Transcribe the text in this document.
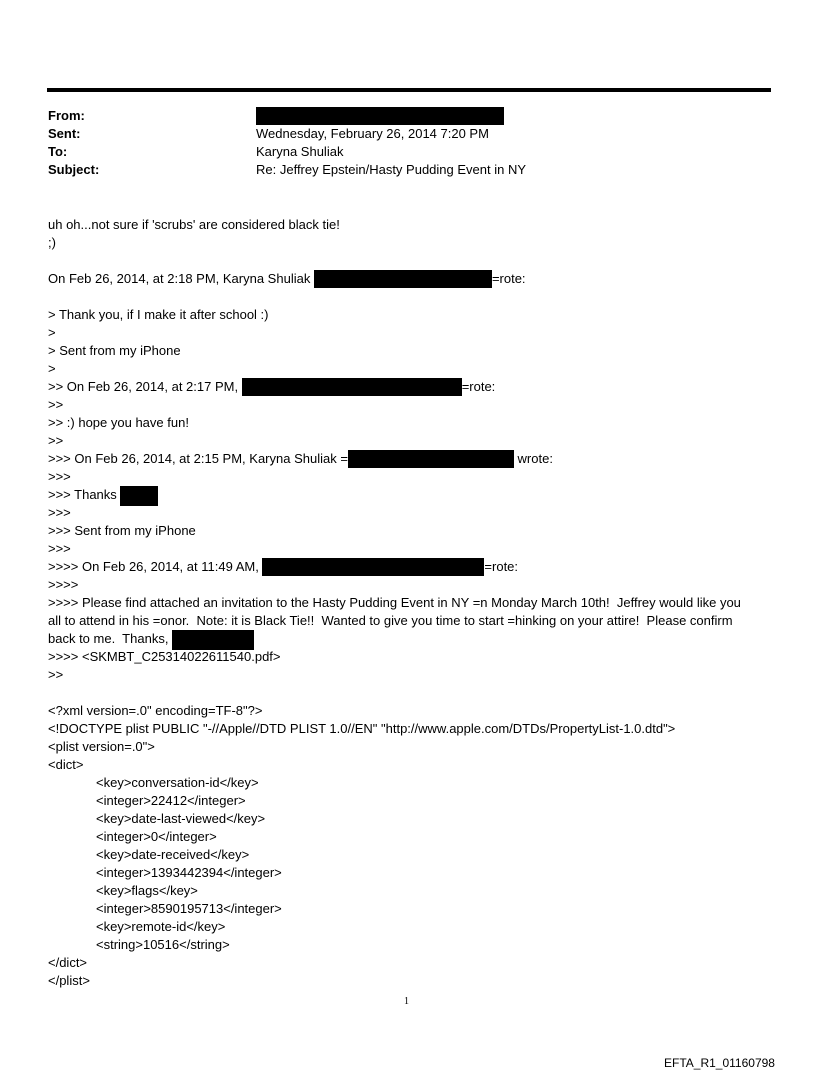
From:
Sent:	Wednesday, February 26, 2014 7:20 PM
To:	Karyna Shuliak
Subject:	Re: Jeffrey Epstein/Hasty Pudding Event in NY
uh oh...not sure if 'scrubs' are considered black tie!
;)
On Feb 26, 2014, at 2:18 PM, Karyna Shuliak	=rote:
> Thank you, if I make it after school :)
>
> Sent from my iPhone
>
>> On Feb 26, 2014, at 2:17 PM,	=rote:
>>
>> :) hope you have fun!
>>
>>> On Feb 26, 2014, at 2:15 PM, Karyna Shuliak =	wrote:
>>>
>>> Thanks
>>>
>>> Sent from my iPhone
>>>
>>>> On Feb 26, 2014, at 11:49 AM,	=rote:
>>>>
>>>> Please find attached an invitation to the Hasty Pudding Event in NY =n Monday March 10th!  Jeffrey would like you
all to attend in his =onor.  Note: it is Black Tie!!  Wanted to give you time to start =hinking on your attire!  Please confirm
back to me.  Thanks,
>>>> <SKMBT_C25314022611540.pdf>
>>
<?xml version=.0" encoding=TF-8"?>
<!DOCTYPE plist PUBLIC "-//Apple//DTD PLIST 1.0//EN" "http://www.apple.com/DTDs/PropertyList-1.0.dtd">
<plist version=.0">
<dict>
<key>conversation-id</key>
<integer>22412</integer>
<key>date-last-viewed</key>
<integer>0</integer>
<key>date-received</key>
<integer>1393442394</integer>
<key>flags</key>
<integer>8590195713</integer>
<key>remote-id</key>
<string>10516</string>
</dict>
</plist>
1
EFTA_R1_01160798
